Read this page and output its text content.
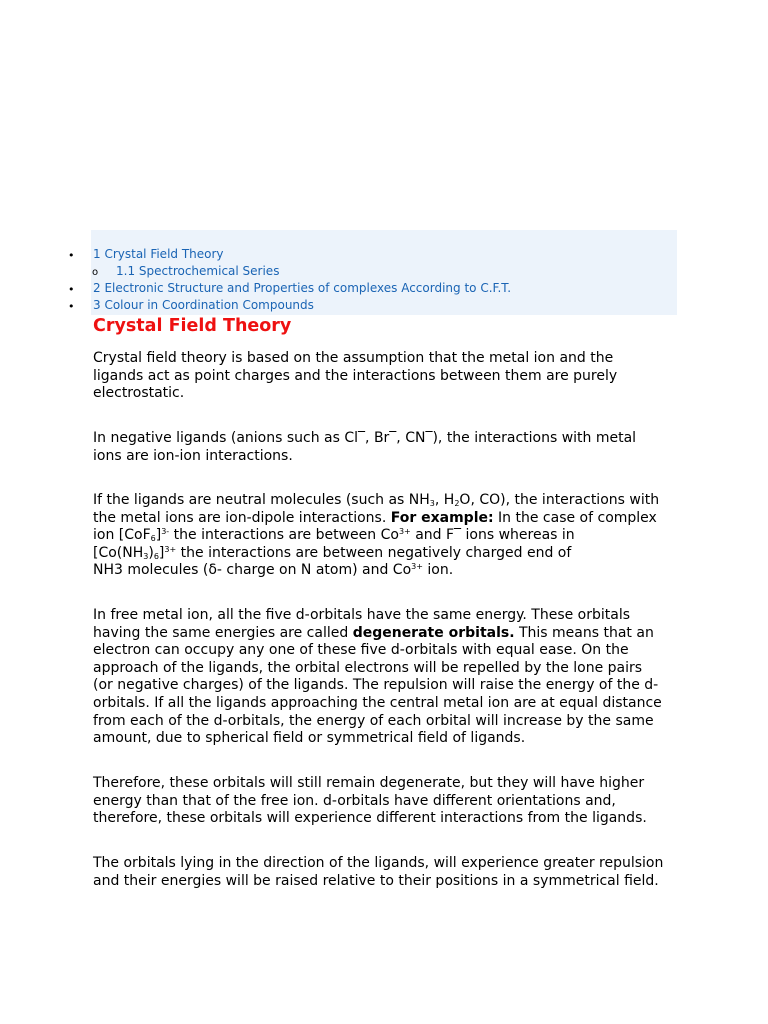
•
1 Crystal Field Theory
o
1.1 Spectrochemical Series
•
2 Electronic Structure and Properties of complexes According to C.F.T.
•
3 Colour in Coordination Compounds
Crystal Field Theory

Crystal field theory is based on the assumption that the metal ion and the
ligands act as point charges and the interactions between them are purely
electrostatic.

In negative ligands (anions such as Cl‾, Br‾, CN‾), the interactions with metal
ions are ion-ion interactions.

If the ligands are neutral molecules (such as $NH_3$, $H_2O$, CO), the interactions with
the metal ions are ion-dipole interactions. For example: In the case of complex
ion $[CoF_6]^{3-}$ the interactions are between $Co^{3+}$ and F‾ ions whereas in
$[Co(NH_3)_6]^{3+}$ the interactions are between negatively charged end of
NH3 molecules (δ- charge on N atom) and $Co^{3+}$ ion.

In free metal ion, all the five d-orbitals have the same energy. These orbitals
having the same energies are called degenerate orbitals. This means that an
electron can occupy any one of these five d-orbitals with equal ease. On the
approach of the ligands, the orbital electrons will be repelled by the lone pairs
(or negative charges) of the ligands. The repulsion will raise the energy of the d-
orbitals. If all the ligands approaching the central metal ion are at equal distance
from each of the d-orbitals, the energy of each orbital will increase by the same
amount, due to spherical field or symmetrical field of ligands.

Therefore, these orbitals will still remain degenerate, but they will have higher
energy than that of the free ion. d-orbitals have different orientations and,
therefore, these orbitals will experience different interactions from the ligands.

The orbitals lying in the direction of the ligands, will experience greater repulsion
and their energies will be raised relative to their positions in a symmetrical field.
